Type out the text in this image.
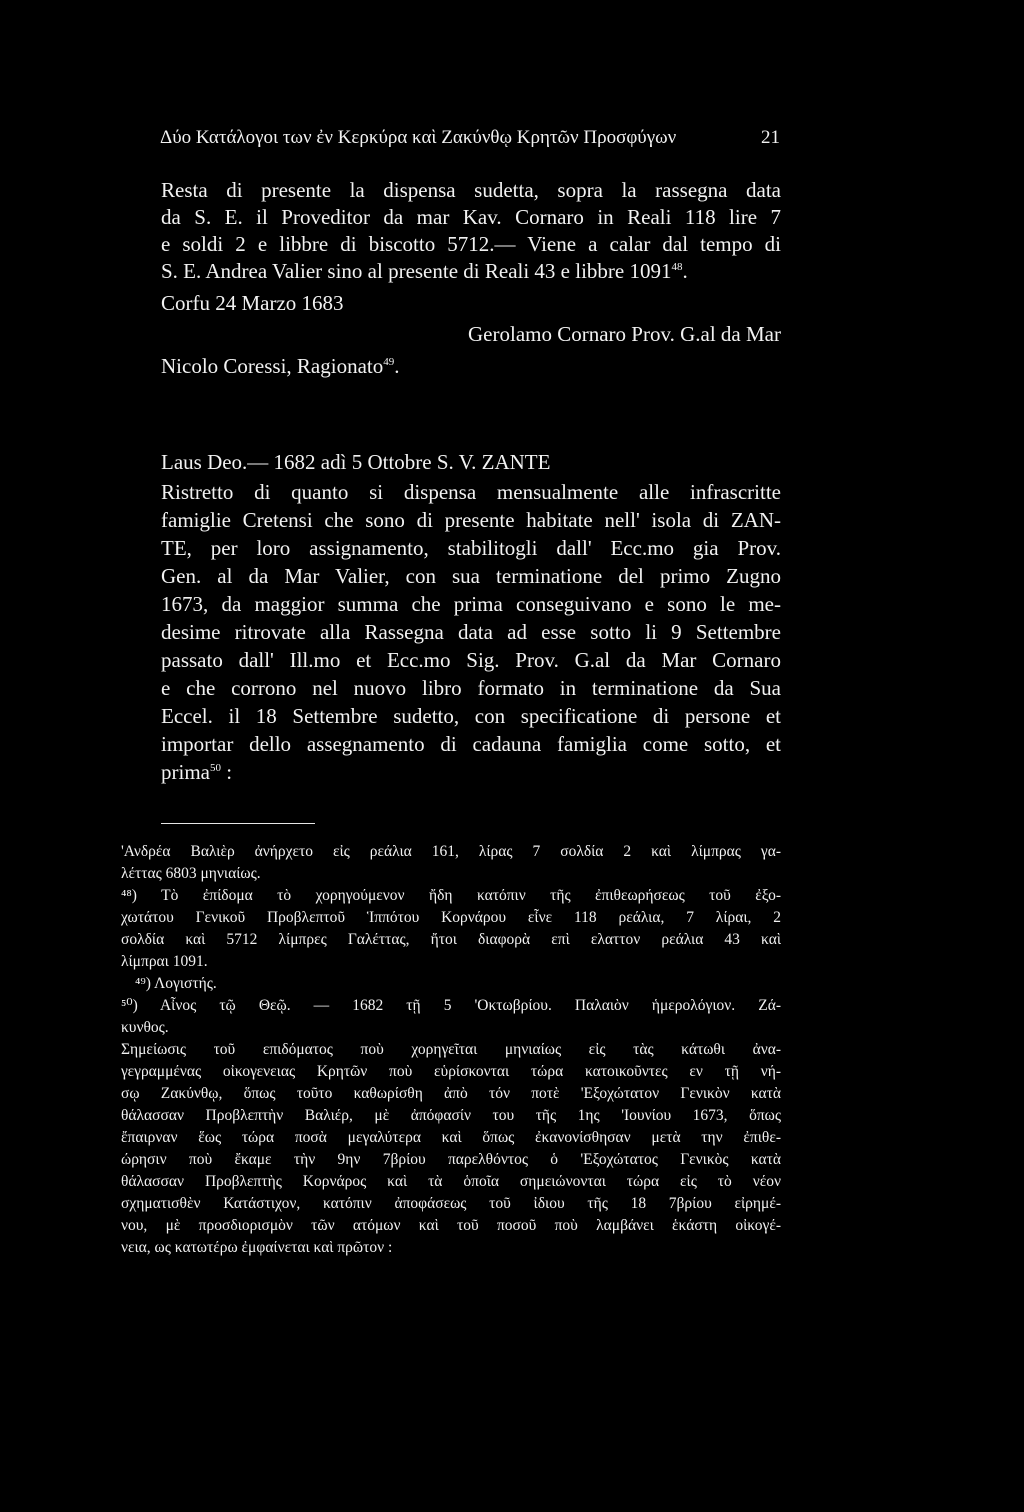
Δύο Κατάλογοι των ἐν Κερκύρα καὶ Ζακύνθῳ Κρητῶν Προσφύγων	21
Resta di presente la dispensa sudetta, sopra la rassegna data
da S. E. il Proveditor da mar Kav. Cornaro in Reali 118 lire 7
e soldi 2 e libbre di biscotto 5712.— Viene a calar dal tempo di
S. E. Andrea Valier sino al presente di Reali 43 e libbre 1091$^{48}$.
Corfu 24 Marzo 1683
Gerolamo Cornaro Prov. G.al da Mar
Nicolo Coressi, Ragionato$^{49}$.
Laus Deo.— 1682 adì 5 Ottobre S. V. ZANTE
Ristretto di quanto si dispensa mensualmente alle infrascritte
famiglie Cretensi che sono di presente habitate nell' isola di ZAN-
TE, per loro assignamento, stabilitogli dall' Ecc.mo gia Prov.
Gen. al da Mar Valier, con sua terminatione del primo Zugno
1673, da maggior summa che prima conseguivano e sono le me-
desime ritrovate alla Rassegna data ad esse sotto li 9 Settembre
passato dall' Ill.mo et Ecc.mo Sig. Prov. G.al da Mar Cornaro
e che corrono nel nuovo libro formato in terminatione da Sua
Eccel. il 18 Settembre sudetto, con specificatione di persone et
importar dello assegnamento di cadauna famiglia come sotto, et
prima$^{50}$ :
'Ανδρέα Βαλιὲρ ἀνήρχετο εἰς ρεάλια 161, λίρας 7 σολδία 2 καὶ λίμπρας γα-
λέττας 6803 μηνιαίως.
⁴⁸) Τὸ ἐπίδομα τὸ χορηγούμενον ἤδη κατόπιν τῆς ἐπιθεωρήσεως τοῦ ἐξο-
χωτάτου Γενικοῦ Προβλεπτοῦ Ἱππότου Κορνάρου εἶνε 118 ρεάλια, 7 λίραι, 2
σολδία καὶ 5712 λίμπρες Γαλέττας, ἤτοι διαφορὰ επὶ ελαττον ρεάλια 43 καὶ
λίμπραι 1091.
⁴⁹) Λογιστής.
⁵⁰) Αἶνος τῷ Θεῷ. — 1682 τῇ 5 'Οκτωβρίου. Παλαιὸν ἡμερολόγιον. Ζά-
κυνθος.
Σημείωσις τοῦ επιδόματος ποὺ χορηγεῖται μηνιαίως εἰς τὰς κάτωθι ἀνα-
γεγραμμένας οἰκογενειας Κρητῶν ποὺ εὑρίσκονται τώρα κατοικοῦντες εν τῇ νή-
σῳ Ζακύνθῳ, ὅπως τοῦτο καθωρίσθη ἀπὸ τόν ποτὲ 'Εξοχώτατον Γενικὸν κατὰ
θάλασσαν Προβλεπτὴν Βαλιέρ, μὲ ἀπόφασίν του τῆς 1ης 'Ιουνίου 1673, ὅπως
ἔπαιρναν ἕως τώρα ποσὰ μεγαλύτερα καὶ ὅπως ἐκανονίσθησαν μετὰ την ἐπιθε-
ώρησιν ποὺ ἔκαμε τὴν 9ην 7βρίου παρελθόντος ὁ 'Εξοχώτατος Γενικὸς κατὰ
θάλασσαν Προβλεπτὴς Κορνάρος καὶ τὰ ὁποῖα σημειώνονται τώρα εἰς τὸ νέον
σχηματισθὲν Κατάστιχον, κατόπιν ἀποφάσεως τοῦ ἰδιου τῆς 18 7βρίου εἰρημέ-
νου, μὲ προσδιορισμὸν τῶν ατόμων καὶ τοῦ ποσοῦ ποὺ λαμβάνει ἑκάστη οἰκογέ-
νεια, ως κατωτέρω ἐμφαίνεται καὶ πρῶτον :
